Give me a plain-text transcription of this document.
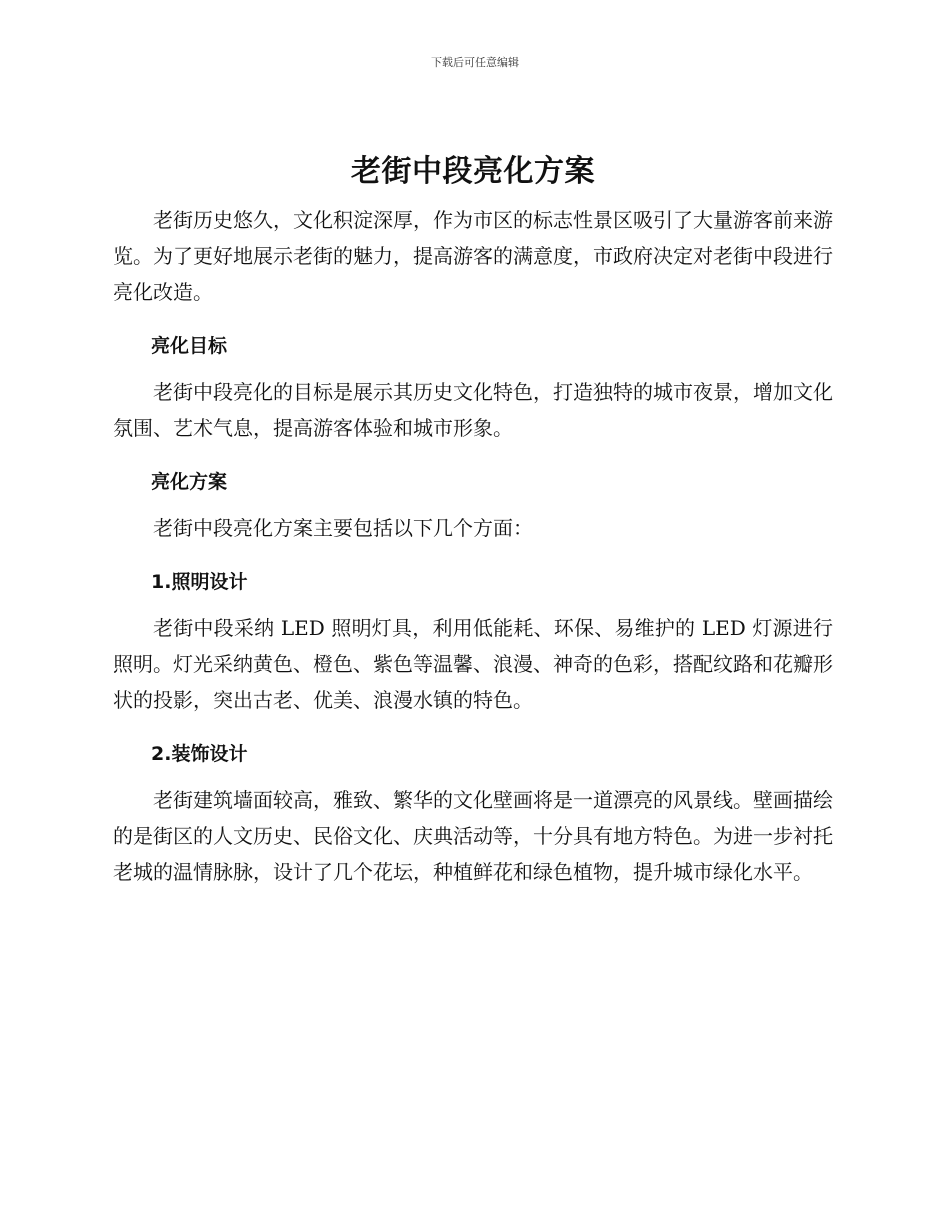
下载后可任意编辑
老街中段亮化方案

老街历史悠久，文化积淀深厚，作为市区的标志性景区吸引了大量游客前来游览。为了更好地展示老街的魅力，提高游客的满意度，市政府决定对老街中段进行亮化改造。

亮化目标

老街中段亮化的目标是展示其历史文化特色，打造独特的城市夜景，增加文化氛围、艺术气息，提高游客体验和城市形象。

亮化方案

老街中段亮化方案主要包括以下几个方面：

1.照明设计

老街中段采纳 LED 照明灯具，利用低能耗、环保、易维护的 LED 灯源进行照明。灯光采纳黄色、橙色、紫色等温馨、浪漫、神奇的色彩，搭配纹路和花瓣形状的投影，突出古老、优美、浪漫水镇的特色。

2.装饰设计

老街建筑墙面较高，雅致、繁华的文化壁画将是一道漂亮的风景线。壁画描绘的是街区的人文历史、民俗文化、庆典活动等，十分具有地方特色。为进一步衬托老城的温情脉脉，设计了几个花坛，种植鲜花和绿色植物，提升城市绿化水平。
